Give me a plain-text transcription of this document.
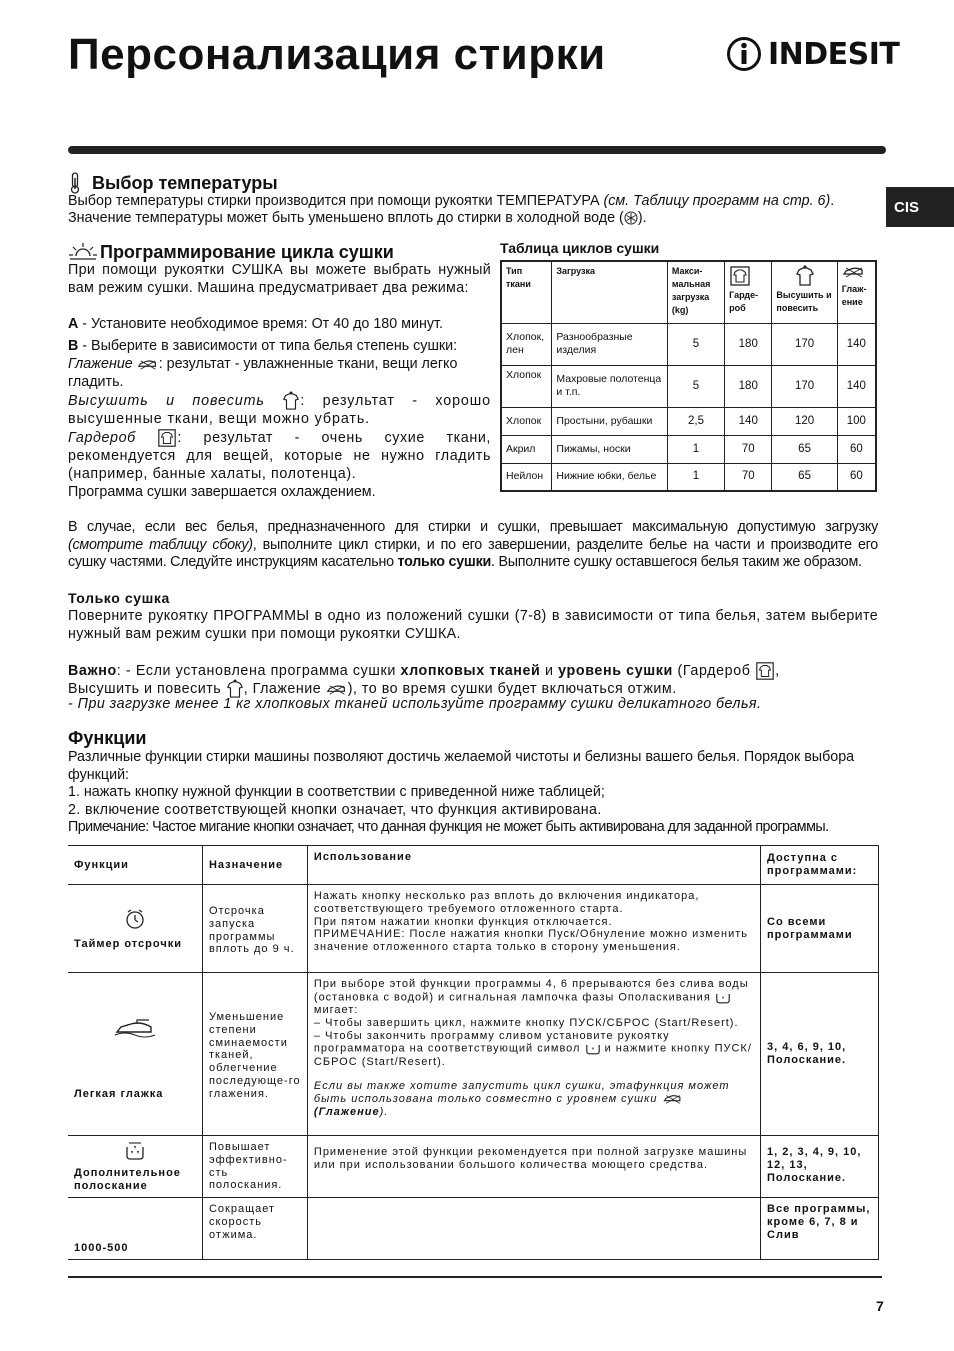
Персонализация стирки	INDESIT
CIS
Выбор температуры
Выбор температуры стирки производится при помощи рукоятки ТЕМПЕРАТУРА (см. Таблицу программ на стр. 6).
Значение температуры может быть уменьшено вплоть до стирки в холодной воде ( ).
Программирование цикла сушки
При помощи рукоятки СУШКА вы можете выбрать нужный вам режим сушки. Машина предусматривает два режима:
А - Установите необходимое время: От 40 до 180 минут.
В - Выберите в зависимости от типа белья степень сушки:
Глажение : результат - увлажненные ткани, вещи легко гладить.
Высушить и повесить : результат - хорошо высушенные ткани, вещи можно убрать.
Гардероб	: результат - очень сухие ткани, рекомендуется для вещей, которые не нужно гладить (например, банные халаты, полотенца).
Программа сушки завершается охлаждением.
Таблица циклов сушки
Тип ткани	Загрузка	Макси-мальная загрузка (kg)	Гарде-роб	Высушить и повесить	Глаж-ение
Хлопок, лен	Разнообразные изделия	5	180	170	140
Хлопок	Махровые полотенца и т.п.	5	180	170	140
Хлопок	Простыни, рубашки	2,5	140	120	100
Акрил	Пижамы, носки	1	70	65	60
Нейлон	Нижние юбки, белье	1	70	65	60
В случае, если вес белья, предназначенного для стирки и сушки, превышает максимальную допустимую загрузку (смотрите таблицу сбоку), выполните цикл стирки, и по его завершении, разделите белье на части и производите его сушку частями. Следуйте инструкциям касательно только сушки. Выполните сушку оставшегося белья таким же образом.
Только сушка
Поверните рукоятку ПРОГРАММЫ в одно из положений сушки (7-8) в зависимости от типа белья, затем выберите нужный вам режим сушки при помощи рукоятки СУШКА.
Важно: - Если установлена программа сушки хлопковых тканей и уровень сушки (Гардероб ,
Высушить и повесить , Глажение ), то во время сушки будет включаться отжим.
- При загрузке менее 1 кг хлопковых тканей используйте программу сушки деликатного белья.
Функции
Различные функции стирки машины позволяют достичь желаемой чистоты и белизны вашего белья. Порядок выбора функций:
1. нажать кнопку нужной функции в соответствии с приведенной ниже таблицей;
2. включение соответствующей кнопки означает, что функция активирована.
Примечание: Частое мигание кнопки означает, что данная функция не может быть активирована для заданной программы.
Функции	Назначение	Использование	Доступна с программами:

Таймер отсрочки	Отсрочка запуска программы вплоть до 9 ч.	Нажать кнопку несколько раз вплоть до включения индикатора, соответствующего требуемого отложенного старта.
При пятом нажатии кнопки функция отключается.
ПРИМЕЧАНИЕ: После нажатия кнопки Пуск/Обнуление можно изменить значение отложенного старта только в сторону уменьшения.	Со всеми программами

Легкая глажка	Уменьшение степени сминаемости тканей, облегчение последующе-го глажения.	При выборе этой функции программы 4, 6 прерываются без слива воды (остановка с водой) и сигнальная лампочка фазы Ополаскивания  мигает:
– Чтобы завершить цикл, нажмите кнопку ПУСК/СБРОС (Start/Resert).
– Чтобы закончить программу сливом установите рукоятку программатора на соответствующий символ  и нажмите кнопку ПУСК/СБРОС (Start/Resert).
Если вы также хотите запустить цикл сушки, этафункция может быть использована только совместно с уровнем сушки (Глажение).	3, 4, 6, 9, 10, Полоскание.

Дополнительное полоскание	Повышает эффективно-сть полоскания.	Применение этой функции рекомендуется при полной загрузке машины или при использовании большого количества моющего средства.	1, 2, 3, 4, 9, 10, 12, 13, Полоскание.
1000-500	Сокращает скорость отжима.		Все программы, кроме 6, 7, 8 и Слив
7
